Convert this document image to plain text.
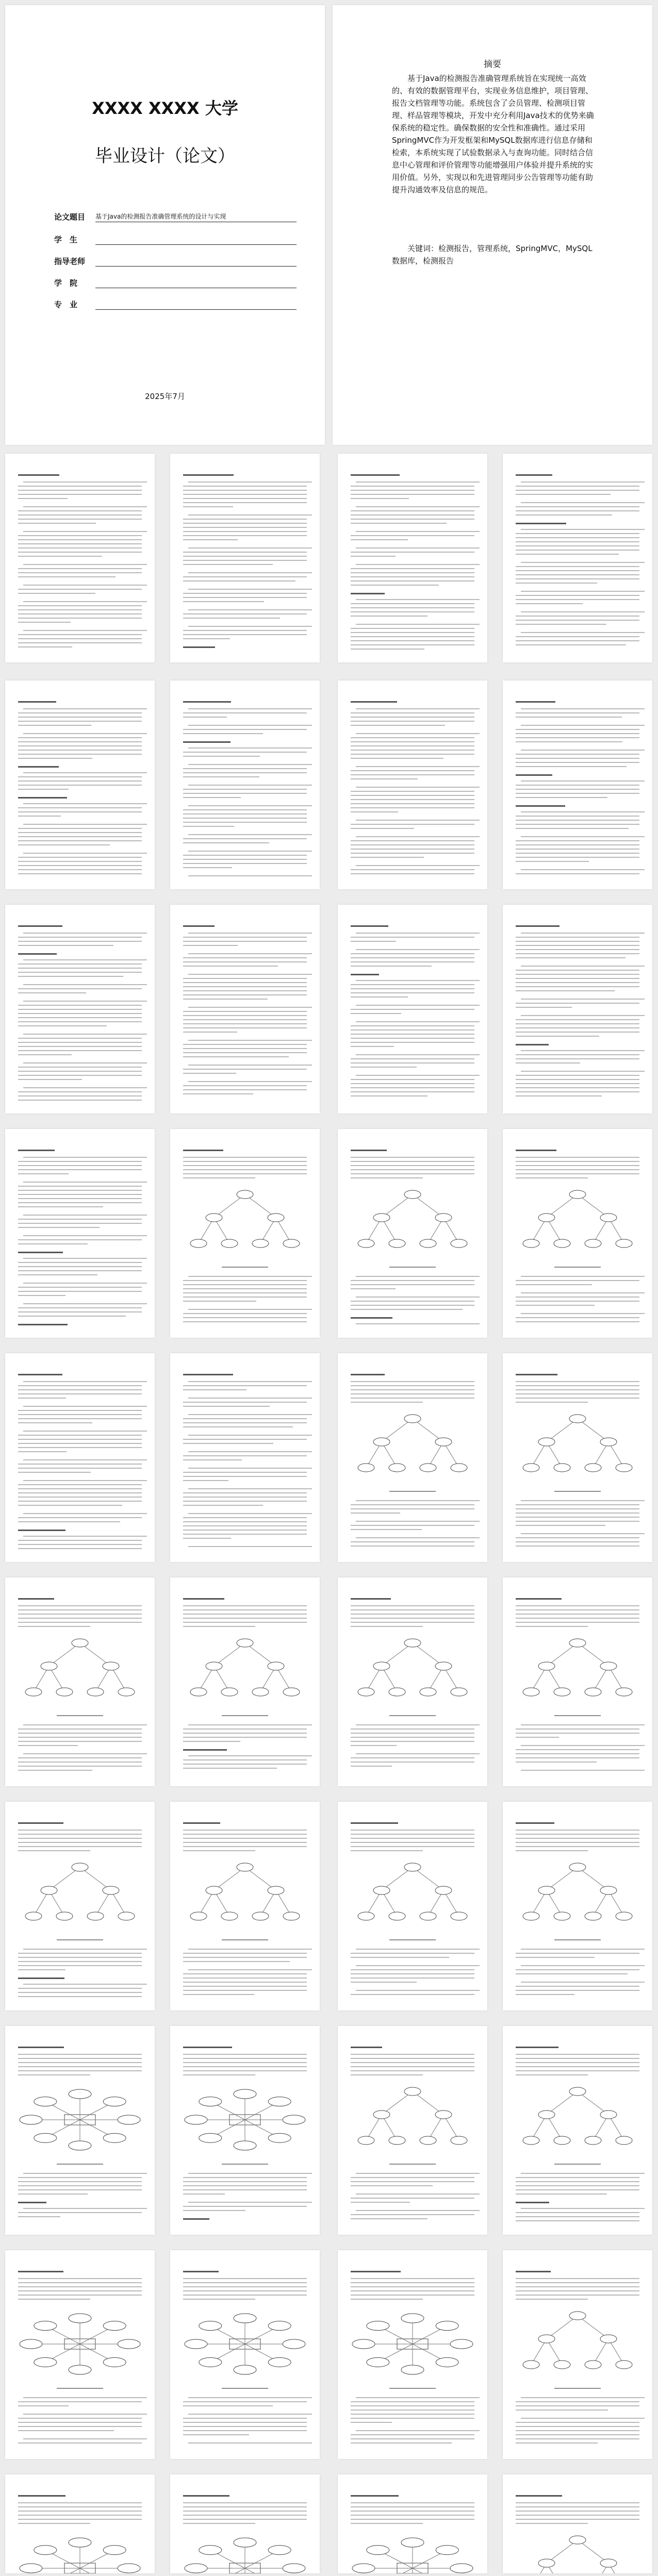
XXXX XXXX 大学
毕业设计（论文）
论文题目	基于Java的检测报告准确管理系统的设计与实现
学　生
指导老师
学　院
专　业
2025年7月
摘要
基于Java的检测报告准确管理系统旨在实现统一高效的、有效的数据管理平台，实现业务信息维护，项目管理、报告文档管理等功能。系统包含了会员管理、检测项目管理、样品管理等模块，开发中充分利用Java技术的优势来确保系统的稳定性。确保数据的安全性和准确性。通过采用SpringMVC作为开发框架和MySQL数据库进行信息存储和检索，本系统实现了试验数据录入与查询功能。同时结合信息中心管理和评价管理等功能增强用户体验并提升系统的实用价值。另外，实现以和先进管理同步公告管理等功能有助提升沟通效率及信息的规范。
关键词：检测报告，管理系统，SpringMVC，MySQL数据库，检测报告
